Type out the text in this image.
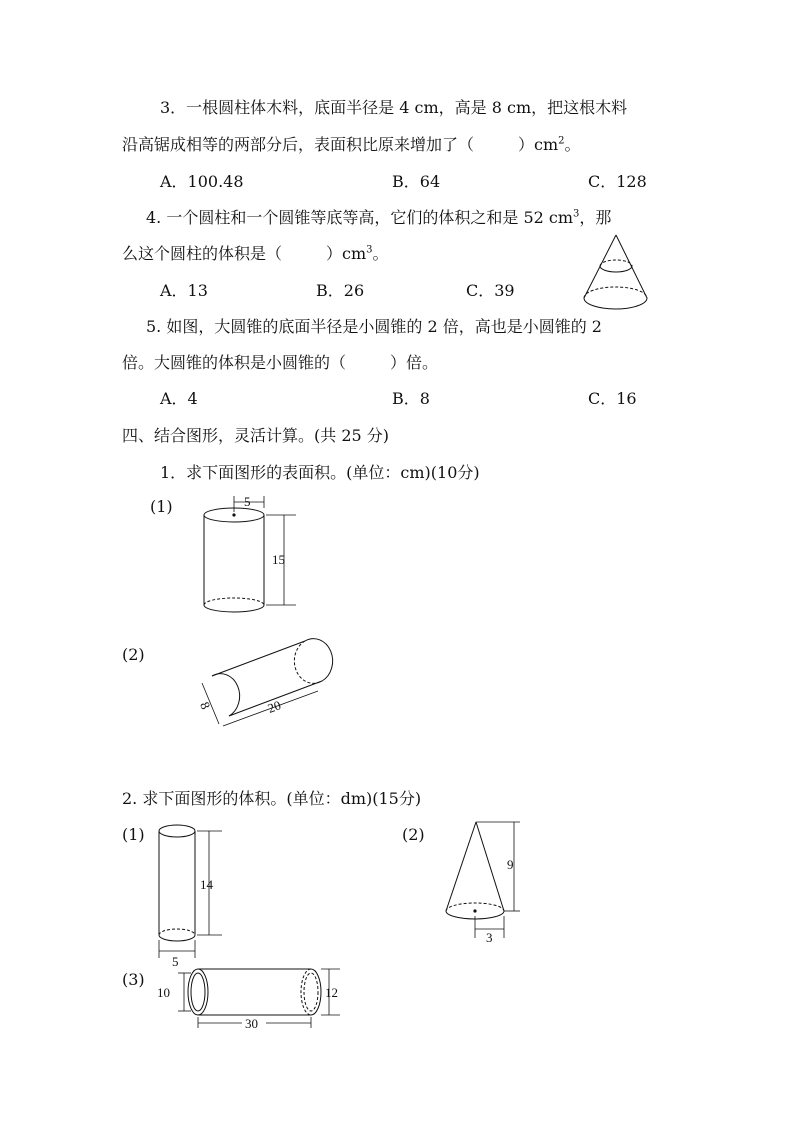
3．一根圆柱体木料，底面半径是 4 cm，高是 8 cm，把这根木料
沿高锯成相等的两部分后，表面积比原来增加了（	）$cm^2$。
A．100.48	B．64	C．128
4. 一个圆柱和一个圆锥等底等高，它们的体积之和是 52 $cm^3$，那
么这个圆柱的体积是（	）$cm^3$。
A．13	B．26	C．39
5. 如图，大圆锥的底面半径是小圆锥的 2 倍，高也是小圆锥的 2
倍。大圆锥的体积是小圆锥的（	）倍。
A．4	B．8	C．16
四、结合图形，灵活计算。(共 25 分)
1．求下面图形的表面积。(单位：cm)(10分)
(1)	5
15
(2)
8	20
2. 求下面图形的体积。(单位：dm)(15分)
(1)
14
5
(2)
9
3
(3)
10	12
30
